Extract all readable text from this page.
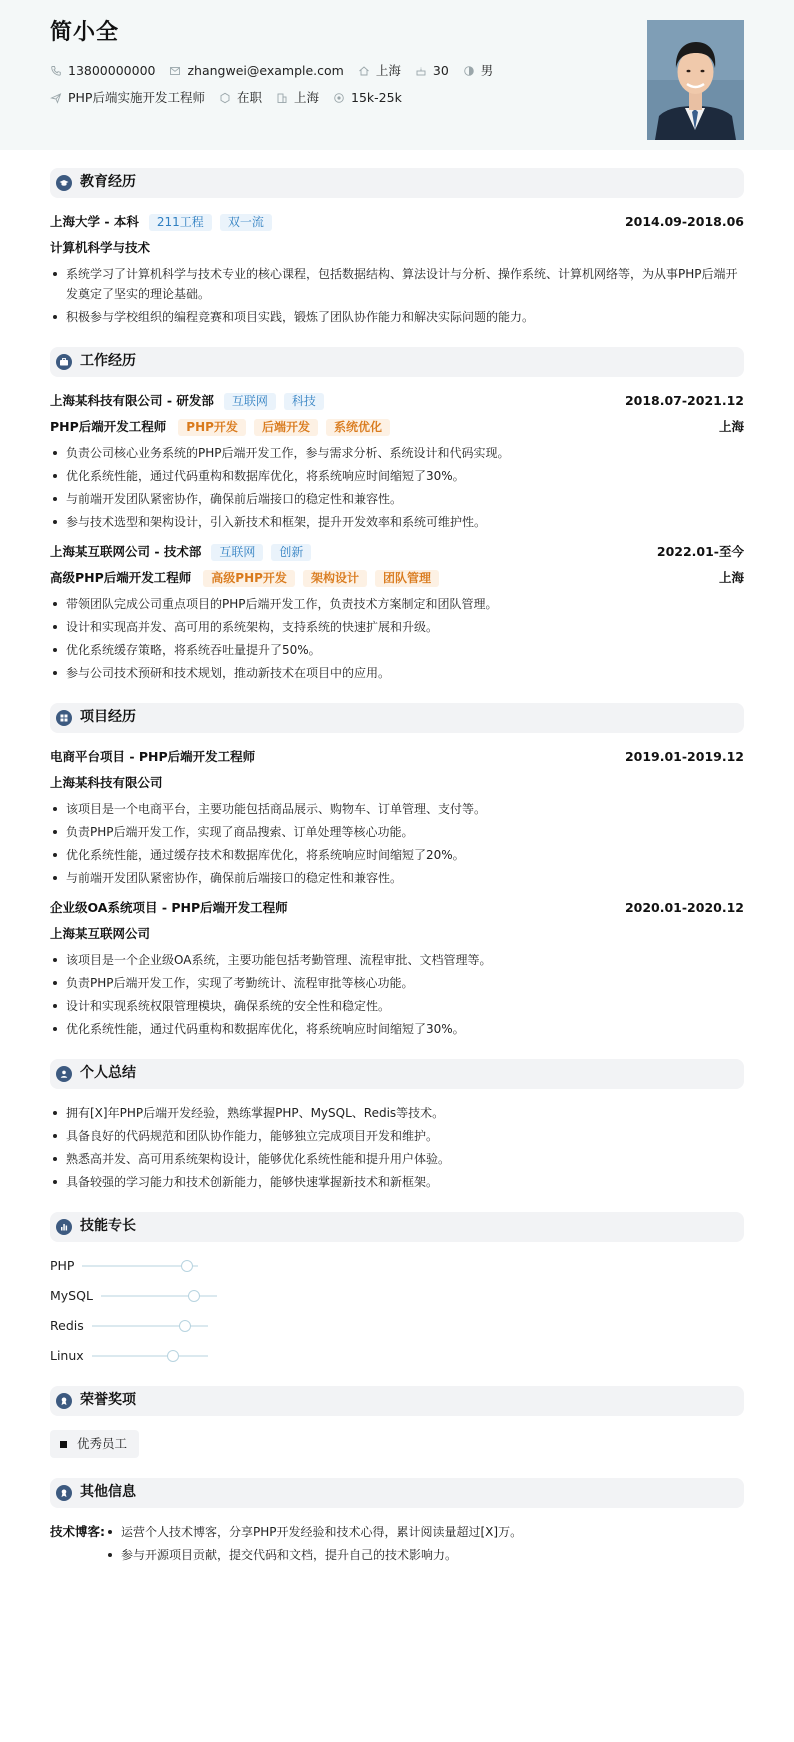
简小全
13800000000	zhangwei@example.com	上海	30	男
PHP后端实施开发工程师	在职	上海	15k-25k
教育经历
上海大学 - 本科	211工程	双一流	2014.09-2018.06
计算机科学与技术
系统学习了计算机科学与技术专业的核心课程，包括数据结构、算法设计与分析、操作系统、计算机网络等，为从事PHP后端开发奠定了坚实的理论基础。
积极参与学校组织的编程竞赛和项目实践，锻炼了团队协作能力和解决实际问题的能力。
工作经历
上海某科技有限公司 - 研发部	互联网	科技	2018.07-2021.12
PHP后端开发工程师	PHP开发	后端开发	系统优化	上海
负责公司核心业务系统的PHP后端开发工作，参与需求分析、系统设计和代码实现。
优化系统性能，通过代码重构和数据库优化，将系统响应时间缩短了30%。
与前端开发团队紧密协作，确保前后端接口的稳定性和兼容性。
参与技术选型和架构设计，引入新技术和框架，提升开发效率和系统可维护性。
上海某互联网公司 - 技术部	互联网	创新	2022.01-至今
高级PHP后端开发工程师	高级PHP开发	架构设计	团队管理	上海
带领团队完成公司重点项目的PHP后端开发工作，负责技术方案制定和团队管理。
设计和实现高并发、高可用的系统架构，支持系统的快速扩展和升级。
优化系统缓存策略，将系统吞吐量提升了50%。
参与公司技术预研和技术规划，推动新技术在项目中的应用。
项目经历
电商平台项目 - PHP后端开发工程师	2019.01-2019.12
上海某科技有限公司
该项目是一个电商平台，主要功能包括商品展示、购物车、订单管理、支付等。
负责PHP后端开发工作，实现了商品搜索、订单处理等核心功能。
优化系统性能，通过缓存技术和数据库优化，将系统响应时间缩短了20%。
与前端开发团队紧密协作，确保前后端接口的稳定性和兼容性。
企业级OA系统项目 - PHP后端开发工程师	2020.01-2020.12
上海某互联网公司
该项目是一个企业级OA系统，主要功能包括考勤管理、流程审批、文档管理等。
负责PHP后端开发工作，实现了考勤统计、流程审批等核心功能。
设计和实现系统权限管理模块，确保系统的安全性和稳定性。
优化系统性能，通过代码重构和数据库优化，将系统响应时间缩短了30%。
个人总结
拥有[X]年PHP后端开发经验，熟练掌握PHP、MySQL、Redis等技术。
具备良好的代码规范和团队协作能力，能够独立完成项目开发和维护。
熟悉高并发、高可用系统架构设计，能够优化系统性能和提升用户体验。
具备较强的学习能力和技术创新能力，能够快速掌握新技术和新框架。
技能专长
PHP
MySQL
Redis
Linux
荣誉奖项
优秀员工
其他信息
技术博客:	运营个人技术博客，分享PHP开发经验和技术心得，累计阅读量超过[X]万。
参与开源项目贡献，提交代码和文档，提升自己的技术影响力。
